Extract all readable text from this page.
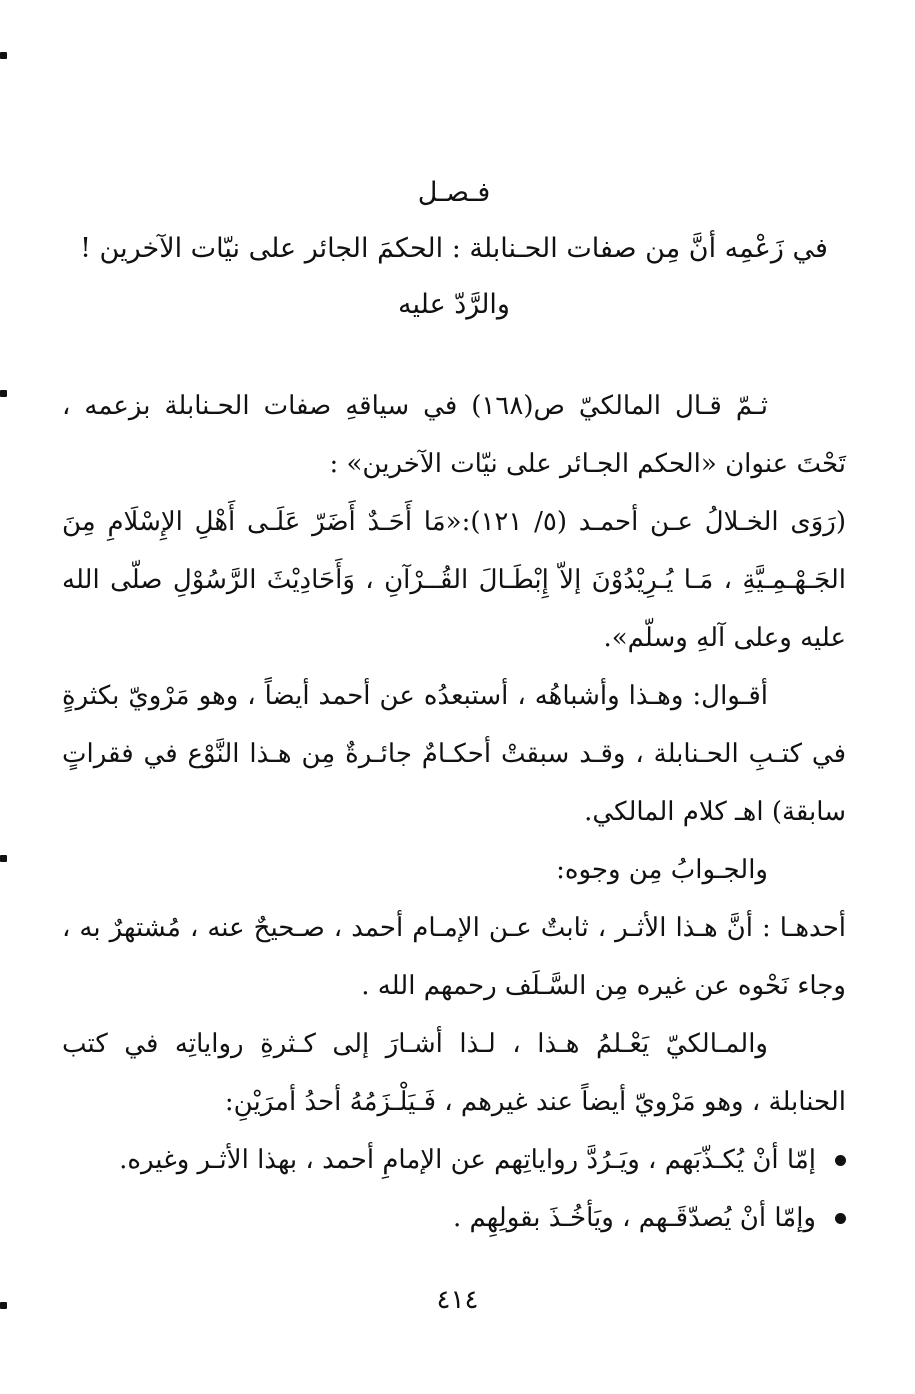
فـصـل
في زَعْمِه أنَّ مِن صفات الحـنابلة : الحكمَ الجائر على نيّات الآخرين !
والرَّدّ عليه

ثـمّ قـال المالكيّ ص(١٦٨) في سياقهِ صفات الحـنابلة بزعمه ، تَحْتَ عنوان «الحكم الجـائر على نيّات الآخرين» :

(رَوَى الخـلالُ عـن أحمـد (٥/ ١٢١):«مَا أَحَـدٌ أَضَرّ عَلَـى أَهْلِ الإِسْلَامِ مِنَ الجَـهْـمِـيَّةِ ، مَـا يُـرِيْدُوْنَ إلاّ إِبْطَـالَ القُــرْآنِ ، وَأَحَادِيْثَ الرَّسُوْلِ صلّى الله عليه وعلى آلهِ وسلّم».

أقـوال: وهـذا وأشباهُه ، أستبعدُه عن أحمد أيضاً ، وهو مَرْويّ بكثرةٍ في كتـبِ الحـنابلة ، وقـد سبقتْ أحكـامٌ جائـرةٌ مِن هـذا النَّوْع في فقراتٍ سابقة) اهـ كلام المالكي.

والجـوابُ مِن وجوه:

أحدهـا : أنَّ هـذا الأثـر ، ثابتٌ عـن الإمـام أحمد ، صـحيحٌ عنه ، مُشتهرٌ به ، وجاء نَحْوه عن غيره مِن السَّـلَف رحمهم الله .

والمـالكيّ يَعْـلمُ هـذا ، لـذا أشـارَ إلى كـثرةِ رواياتِه في كتب الحنابلة ، وهو مَرْويّ أيضاً عند غيرهم ، فَـيَلْـزَمُهُ أحدُ أمرَيْنِ:

إمّا أنْ يُكـذّبَهم ، ويَـرُدَّ رواياتِهم عن الإمامِ أحمد ، بهذا الأثـر وغيره.
وإمّا أنْ يُصدّقَـهم ، ويَأخُـذَ بقولِهِم .
٤١٤
